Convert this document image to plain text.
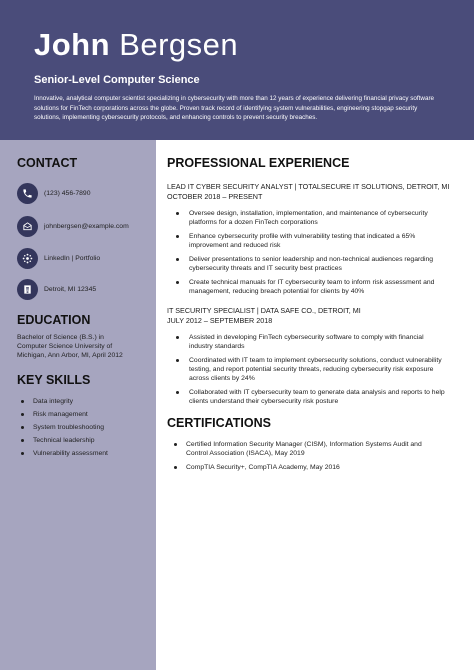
John Bergsen
Senior-Level Computer Science
Innovative, analytical computer scientist specializing in cybersecurity with more than 12 years of experience delivering financial privacy software solutions for FinTech corporations across the globe. Proven track record of identifying system vulnerabilities, engineering stopgap security solutions, implementing cybersecurity protocols, and enhancing controls to prevent security breaches.
CONTACT
(123) 456-7890
johnbergsen@example.com
LinkedIn | Portfolio
Detroit, MI 12345
EDUCATION
Bachelor of Science (B.S.) in Computer Science University of Michigan, Ann Arbor, MI, April 2012
KEY SKILLS
Data integrity
Risk management
System troubleshooting
Technical leadership
Vulnerability assessment
PROFESSIONAL EXPERIENCE
LEAD IT CYBER SECURITY ANALYST | TOTALSECURE IT SOLUTIONS, DETROIT, MI
OCTOBER 2018 – PRESENT
Oversee design, installation, implementation, and maintenance of cybersecurity platforms for a dozen FinTech corporations
Enhance cybersecurity profile with vulnerability testing that indicated a 65% improvement and reduced risk
Deliver presentations to senior leadership and non-technical audiences regarding cybersecurity threats and IT security best practices
Create technical manuals for IT cybersecurity team to inform risk assessment and management, reducing breach potential for clients by 40%
IT SECURITY SPECIALIST | DATA SAFE CO., DETROIT, MI
JULY 2012 – SEPTEMBER 2018
Assisted in developing FinTech cybersecurity software to comply with financial industry standards
Coordinated with IT team to implement cybersecurity solutions, conduct vulnerability testing, and report potential security threats, reducing cybersecurity risk exposure across clients by 24%
Collaborated with IT cybersecurity team to generate data analysis and reports to help clients understand their cybersecurity risk posture
CERTIFICATIONS
Certified Information Security Manager (CISM), Information Systems Audit and Control Association (ISACA), May 2019
CompTIA Security+, CompTIA Academy, May 2016
